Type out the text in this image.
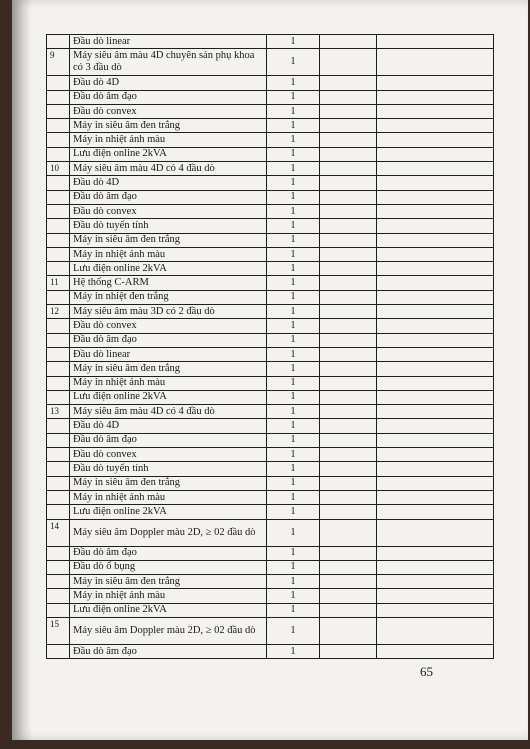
	Đầu dò linear	1		
9	Máy siêu âm màu 4D chuyên sản phụ khoa có 3 đầu dò	1		
	Đầu dò 4D	1		
	Đầu dò âm đạo	1		
	Đầu dò convex	1		
	Máy in siêu âm đen trắng	1		
	Máy in nhiệt ảnh màu	1		
	Lưu điện online 2kVA	1		
10	Máy siêu âm màu 4D có 4 đầu dò	1		
	Đầu dò 4D	1		
	Đầu dò âm đạo	1		
	Đầu dò convex	1		
	Đầu dò tuyến tính	1		
	Máy in siêu âm đen trắng	1		
	Máy in nhiệt ảnh màu	1		
	Lưu điện online 2kVA	1		
11	Hệ thống C-ARM	1		
	Máy in nhiệt đen trắng	1		
12	Máy siêu âm màu 3D có 2 đầu dò	1		
	Đầu dò convex	1		
	Đầu dò âm đạo	1		
	Đầu dò linear	1		
	Máy in siêu âm đen trắng	1		
	Máy in nhiệt ảnh màu	1		
	Lưu điện online 2kVA	1		
13	Máy siêu âm màu 4D có 4 đầu dò	1		
	Đầu dò 4D	1		
	Đầu dò âm đạo	1		
	Đầu dò convex	1		
	Đầu dò tuyến tính	1		
	Máy in siêu âm đen trắng	1		
	Máy in nhiệt ảnh màu	1		
	Lưu điện online 2kVA	1		
14	Máy siêu âm Doppler màu 2D, ≥ 02 đầu dò	1		
	Đầu dò âm đạo	1		
	Đầu dò ổ bụng	1		
	Máy in siêu âm đen trắng	1		
	Máy in nhiệt ảnh màu	1		
	Lưu điện online 2kVA	1		
15	Máy siêu âm Doppler màu 2D, ≥ 02 đầu dò	1		
	Đầu dò âm đạo	1		
65
